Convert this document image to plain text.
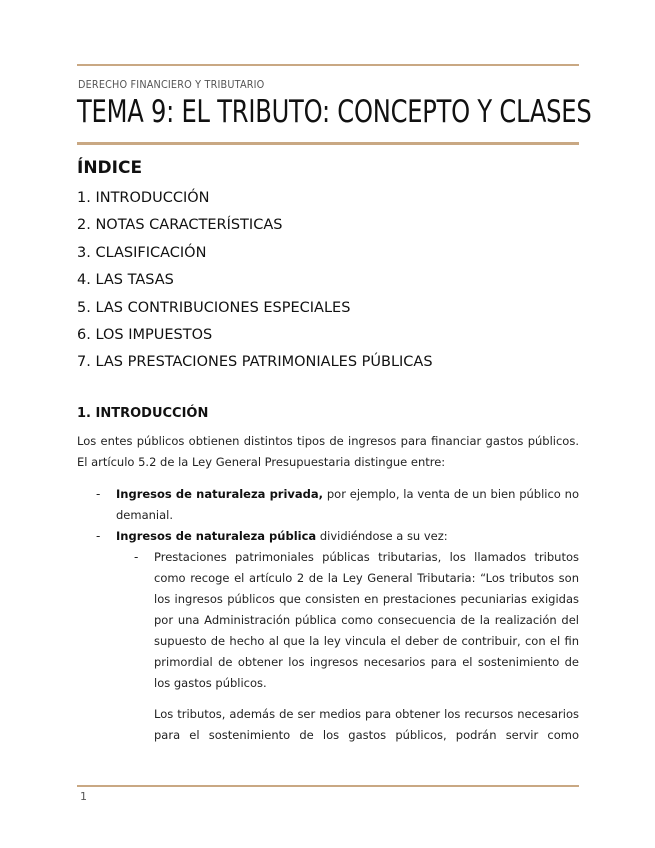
DERECHO FINANCIERO Y TRIBUTARIO
TEMA 9: EL TRIBUTO: CONCEPTO Y CLASES
ÍNDICE
1. INTRODUCCIÓN
2. NOTAS CARACTERÍSTICAS
3. CLASIFICACIÓN
4. LAS TASAS
5. LAS CONTRIBUCIONES ESPECIALES
6. LOS IMPUESTOS
7. LAS PRESTACIONES PATRIMONIALES PÚBLICAS
1. INTRODUCCIÓN

Los entes públicos obtienen distintos tipos de ingresos para financiar gastos públicos. El artículo 5.2 de la Ley General Presupuestaria distingue entre:

- Ingresos de naturaleza privada, por ejemplo, la venta de un bien público no demanial.

- Ingresos de naturaleza pública dividiéndose a su vez:

- Prestaciones patrimoniales públicas tributarias, los llamados tributos como recoge el artículo 2 de la Ley General Tributaria: “Los tributos son los ingresos públicos que consisten en prestaciones pecuniarias exigidas por una Administración pública como consecuencia de la realización del supuesto de hecho al que la ley vincula el deber de contribuir, con el fin primordial de obtener los ingresos necesarios para el sostenimiento de los gastos públicos.

Los tributos, además de ser medios para obtener los recursos necesarios para el sostenimiento de los gastos públicos, podrán servir como

1
